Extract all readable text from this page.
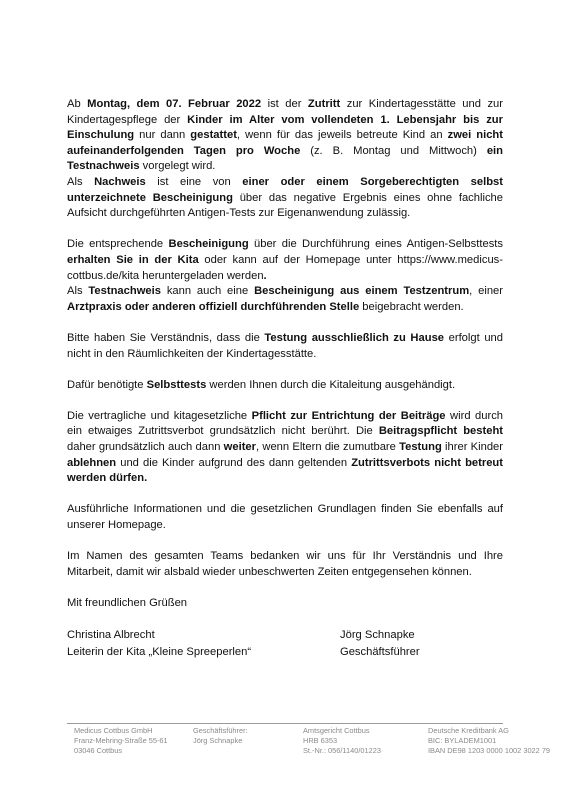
Ab Montag, dem 07. Februar 2022 ist der Zutritt zur Kindertagesstätte und zur Kindertagespflege der Kinder im Alter vom vollendeten 1. Lebensjahr bis zur Einschulung nur dann gestattet, wenn für das jeweils betreute Kind an zwei nicht aufeinanderfolgenden Tagen pro Woche (z. B. Montag und Mittwoch) ein Testnachweis vorgelegt wird.

Als Nachweis ist eine von einer oder einem Sorgeberechtigten selbst unterzeichnete Bescheinigung über das negative Ergebnis eines ohne fachliche Aufsicht durchgeführten Antigen-Tests zur Eigenanwendung zulässig.

Die entsprechende Bescheinigung über die Durchführung eines Antigen-Selbsttests erhalten Sie in der Kita oder kann auf der Homepage unter https://www.medicus-cottbus.de/kita heruntergeladen werden.

Als Testnachweis kann auch eine Bescheinigung aus einem Testzentrum, einer Arztpraxis oder anderen offiziell durchführenden Stelle beigebracht werden.

Bitte haben Sie Verständnis, dass die Testung ausschließlich zu Hause erfolgt und nicht in den Räumlichkeiten der Kindertagesstätte.

Dafür benötigte Selbsttests werden Ihnen durch die Kitaleitung ausgehändigt.

Die vertragliche und kitagesetzliche Pflicht zur Entrichtung der Beiträge wird durch ein etwaiges Zutrittsverbot grundsätzlich nicht berührt. Die Beitragspflicht besteht daher grundsätzlich auch dann weiter, wenn Eltern die zumutbare Testung ihrer Kinder ablehnen und die Kinder aufgrund des dann geltenden Zutrittsverbots nicht betreut werden dürfen.

Ausführliche Informationen und die gesetzlichen Grundlagen finden Sie ebenfalls auf unserer Homepage.

Im Namen des gesamten Teams bedanken wir uns für Ihr Verständnis und Ihre Mitarbeit, damit wir alsbald wieder unbeschwerten Zeiten entgegensehen können.

Mit freundlichen Grüßen

Christina Albrecht
Leiterin der Kita „Kleine Spreeperlen“
Jörg Schnapke
Geschäftsführer
Medicus Cottbus GmbH
Franz-Mehring-Straße 55-61
03046 Cottbus
Geschäftsführer:
Jörg Schnapke
Amtsgericht Cottbus
HRB 6353
St.-Nr.: 056/1140/01223
Deutsche Kreditbank AG
BIC: BYLADEM1001
IBAN DE98 1203 0000 1002 3022 79
